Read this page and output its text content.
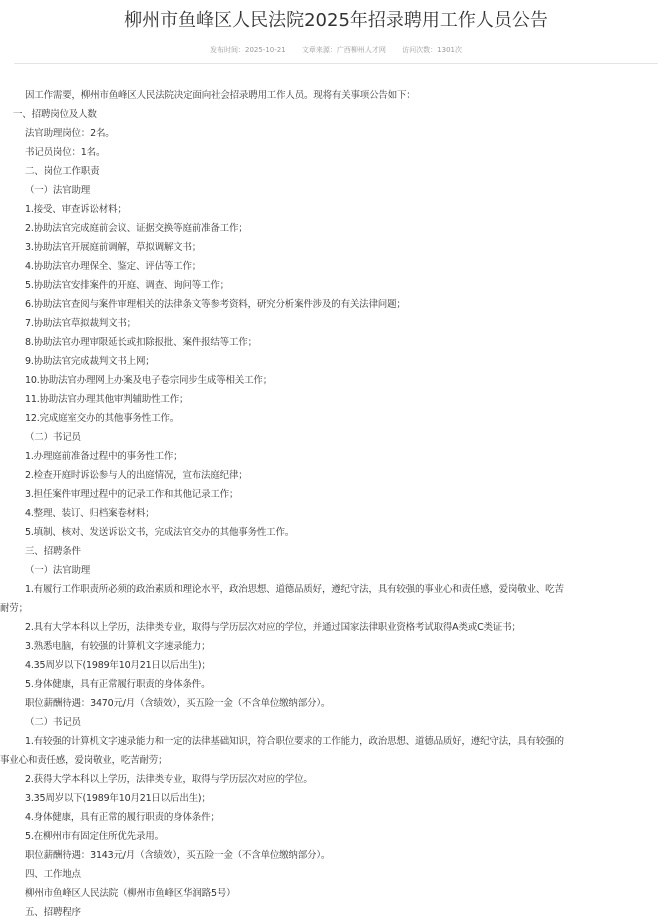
柳州市鱼峰区人民法院2025年招录聘用工作人员公告
发布时间：2025-10-21 文章来源：广西柳州人才网 访问次数：1301次
因工作需要，柳州市鱼峰区人民法院决定面向社会招录聘用工作人员。现将有关事项公告如下：
一、招聘岗位及人数
法官助理岗位：2名。
书记员岗位：1名。
二、岗位工作职责
（一）法官助理
1.接受、审查诉讼材料；
2.协助法官完成庭前会议、证据交换等庭前准备工作；
3.协助法官开展庭前调解，草拟调解文书；
4.协助法官办理保全、鉴定、评估等工作；
5.协助法官安排案件的开庭、调查、询问等工作；
6.协助法官查阅与案件审理相关的法律条文等参考资料，研究分析案件涉及的有关法律问题；
7.协助法官草拟裁判文书；
8.协助法官办理审限延长或扣除报批、案件报结等工作；
9.协助法官完成裁判文书上网；
10.协助法官办理网上办案及电子卷宗同步生成等相关工作；
11.协助法官办理其他审判辅助性工作；
12.完成庭室交办的其他事务性工作。
（二）书记员
1.办理庭前准备过程中的事务性工作；
2.检查开庭时诉讼参与人的出庭情况，宣布法庭纪律；
3.担任案件审理过程中的记录工作和其他记录工作；
4.整理、装订、归档案卷材料；
5.填制、核对、发送诉讼文书，完成法官交办的其他事务性工作。
三、招聘条件
（一）法官助理
1.有履行工作职责所必须的政治素质和理论水平，政治思想、道德品质好，遵纪守法，具有较强的事业心和责任感，爱岗敬业、吃苦
耐劳；
2.具有大学本科以上学历，法律类专业，取得与学历层次对应的学位，并通过国家法律职业资格考试取得A类或C类证书；
3.熟悉电脑，有较强的计算机文字速录能力；
4.35周岁以下(1989年10月21日以后出生)；
5.身体健康，具有正常履行职责的身体条件。
职位薪酬待遇：3470元/月（含绩效），买五险一金（不含单位缴纳部分）。
（二）书记员
1.有较强的计算机文字速录能力和一定的法律基础知识，符合职位要求的工作能力，政治思想、道德品质好，遵纪守法，具有较强的
事业心和责任感，爱岗敬业，吃苦耐劳；
2.获得大学本科以上学历，法律类专业，取得与学历层次对应的学位。
3.35周岁以下(1989年10月21日以后出生)；
4.身体健康，具有正常的履行职责的身体条件；
5.在柳州市有固定住所优先录用。
职位薪酬待遇：3143元/月（含绩效），买五险一金（不含单位缴纳部分）。
四、工作地点
柳州市鱼峰区人民法院（柳州市鱼峰区华润路5号）
五、招聘程序
